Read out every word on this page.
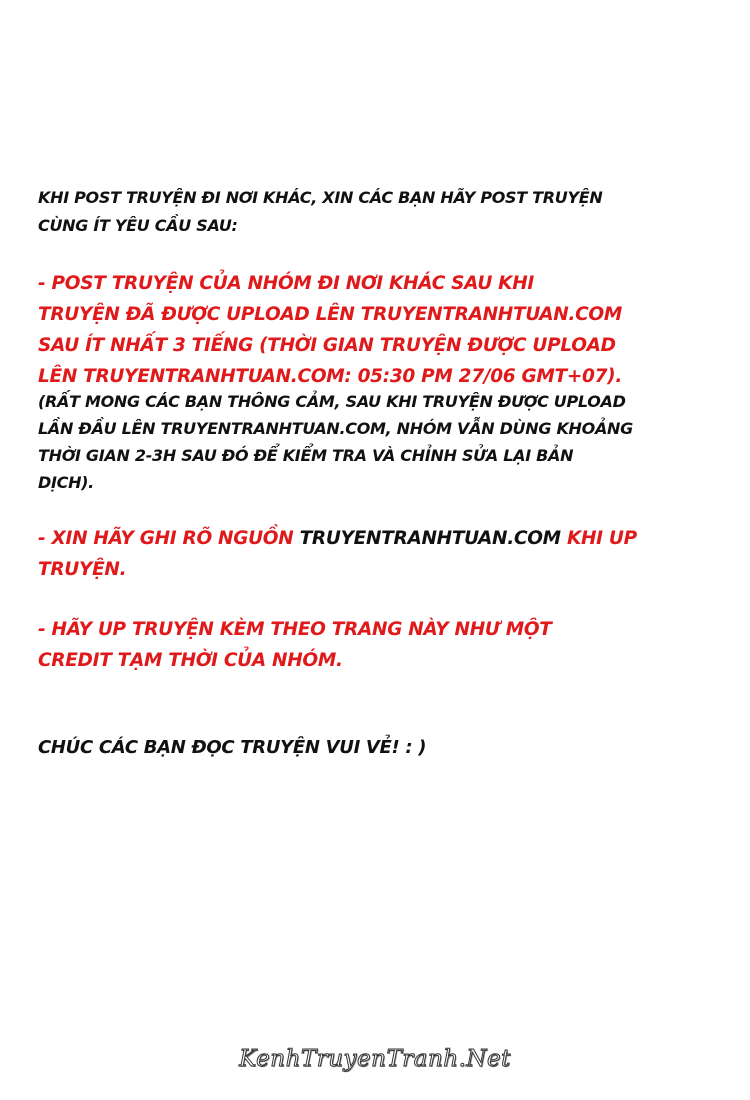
KHI POST TRUYỆN ĐI NƠI KHÁC, XIN CÁC BẠN HÃY POST TRUYỆN
CÙNG ÍT YÊU CẦU SAU:
- POST TRUYỆN CỦA NHÓM ĐI NƠI KHÁC SAU KHI
TRUYỆN ĐÃ ĐƯỢC UPLOAD LÊN TRUYENTRANHTUAN.COM
SAU ÍT NHẤT 3 TIẾNG (THỜI GIAN TRUYỆN ĐƯỢC UPLOAD
LÊN TRUYENTRANHTUAN.COM: 05:30 PM 27/06 GMT+07).
(RẤT MONG CÁC BẠN THÔNG CẢM, SAU KHI TRUYỆN ĐƯỢC UPLOAD
LẦN ĐẦU LÊN TRUYENTRANHTUAN.COM, NHÓM VẪN DÙNG KHOẢNG
THỜI GIAN 2-3H SAU ĐÓ ĐỂ KIỂM TRA VÀ CHỈNH SỬA LẠI BẢN
DỊCH).
- XIN HÃY GHI RÕ NGUỒN TRUYENTRANHTUAN.COM KHI UP
TRUYỆN.
- HÃY UP TRUYỆN KÈM THEO TRANG NÀY NHƯ MỘT
CREDIT TẠM THỜI CỦA NHÓM.
CHÚC CÁC BẠN ĐỌC TRUYỆN VUI VẺ! : )
KenhTruyenTranh.Net
